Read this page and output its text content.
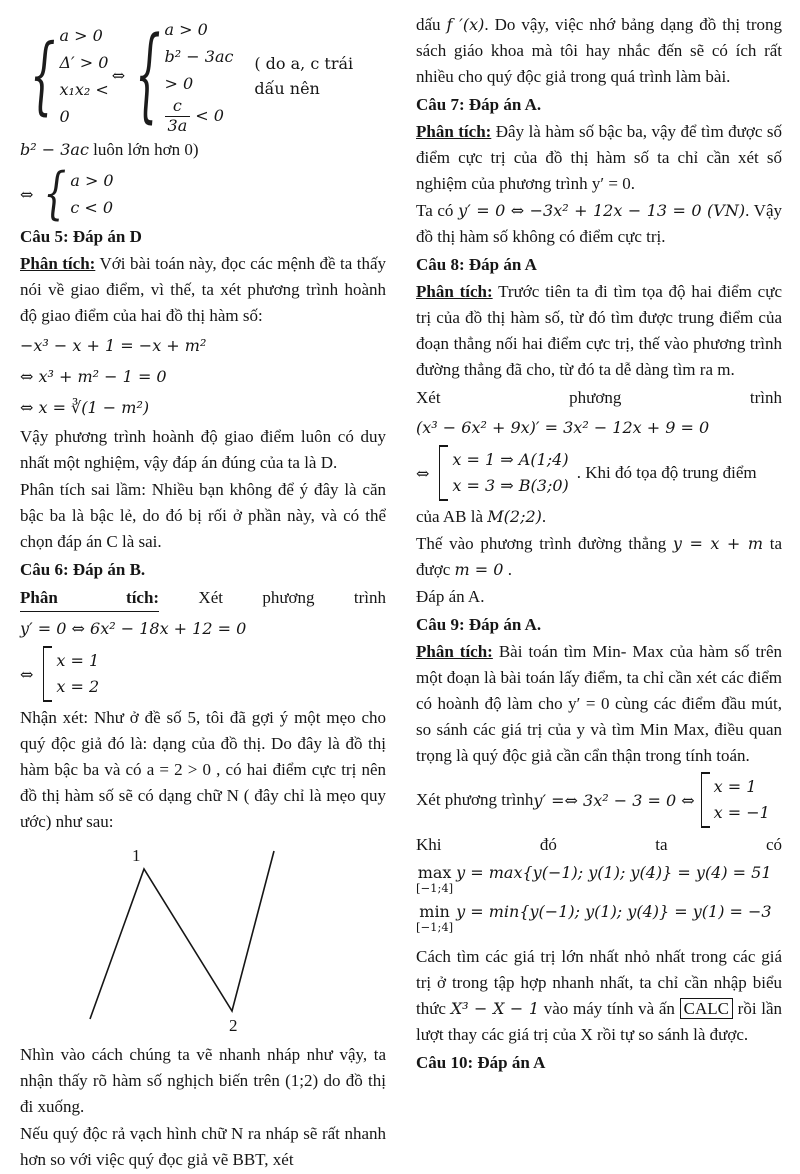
{ a > 0
Δ′ > 0
x₁x₂ < 0
⇔ { a > 0
b² − 3ac > 0
$\frac{c}{3a} < 0$
( do a, c trái dấu nên

b² − 3ac luôn lớn hơn 0)

⇔ { a > 0
c < 0
Câu 5: Đáp án D

Phân tích: Với bài toán này, đọc các mệnh đề ta thấy nói về giao điểm, vì thế, ta xét phương trình hoành độ giao điểm của hai đồ thị hàm số:

−x³ − x + 1 = −x + m²
⇔ x³ + m² − 1 = 0
⇔ x = ∛(1 − m²)

Vậy phương trình hoành độ giao điểm luôn có duy nhất một nghiệm, vậy đáp án đúng của ta là D.

Phân tích sai lầm: Nhiều bạn không để ý đây là căn bậc ba là bậc lẻ, do đó bị rối ở phần này, và có thể chọn đáp án C là sai.

Câu 6: Đáp án B.
Phân	tích: Xét phương trình
y′ = 0 ⇔ 6x² − 18x + 12 = 0
⇔
x = 1
x = 2

Nhận xét: Như ở đề số 5, tôi đã gợi ý một mẹo cho quý độc giả đó là: dạng của đồ thị. Do đây là đồ thị hàm bậc ba và có a = 2 > 0 , có hai điểm cực trị nên đồ thị hàm số sẽ có dạng chữ N ( đây chỉ là mẹo quy ước) như sau:

1
2

Nhìn vào cách chúng ta vẽ nhanh nháp như vậy, ta nhận thấy rõ hàm số nghịch biến trên (1;2) do đồ thị đi xuống.

Nếu quý độc rả vạch hình chữ N ra nháp sẽ rất nhanh hơn so với việc quý đọc giả vẽ BBT, xét

dấu f ′(x). Do vậy, việc nhớ bảng dạng đồ thị trong sách giáo khoa mà tôi hay nhắc đến sẽ có ích rất nhiều cho quý độc giả trong quá trình làm bài.

Câu 7: Đáp án A.

Phân tích: Đây là hàm số bậc ba, vậy để tìm được số điểm cực trị của đồ thị hàm số ta chỉ cần xét số nghiệm của phương trình y′ = 0.

Ta có y′ = 0 ⇔ −3x² + 12x − 13 = 0 (VN). Vậy đồ thị hàm số không có điểm cực trị.

Câu 8: Đáp án A

Phân tích: Trước tiên ta đi tìm tọa độ hai điểm cực trị của đồ thị hàm số, từ đó tìm được trung điểm của đoạn thẳng nối hai điểm cực trị, thế vào phương trình đường thẳng đã cho, từ đó ta dễ dàng tìm ra m.

Xét	phương	trình
(x³ − 6x² + 9x)′ = 3x² − 12x + 9 = 0
⇔
x = 1 ⇒ A(1;4)
x = 3 ⇒ B(3;0)
. Khi đó tọa độ trung điểm

của AB là M(2;2).

Thế vào phương trình đường thẳng y = x + m ta được m = 0 .

Đáp án A.

Câu 9: Đáp án A.

Phân tích: Bài toán tìm Min- Max của hàm số trên một đoạn là bài toán lấy điểm, ta chỉ cần xét các điểm có hoành độ làm cho y′ = 0 cùng các điểm đầu mút, so sánh các giá trị của y và tìm Min Max, điều quan trọng là quý độc giả cần cẩn thận trong tính toán.

Xét phương trình y′ =⇔ 3x² − 3 = 0 ⇔
x = 1
x = −1
Khi	đó	ta	có
max
[−1;4]
y = max{y(−1); y(1); y(4)} = y(4) = 51
min
[−1;4]
y = min{y(−1); y(1); y(4)} = y(1) = −3

Cách tìm các giá trị lớn nhất nhỏ nhất trong các giá trị ở trong tập hợp nhanh nhất, ta chỉ cần nhập biểu thức X³ − X − 1 vào máy tính và ấn CALC rồi lần lượt thay các giá trị của X rồi tự so sánh là được.

Câu 10: Đáp án A
